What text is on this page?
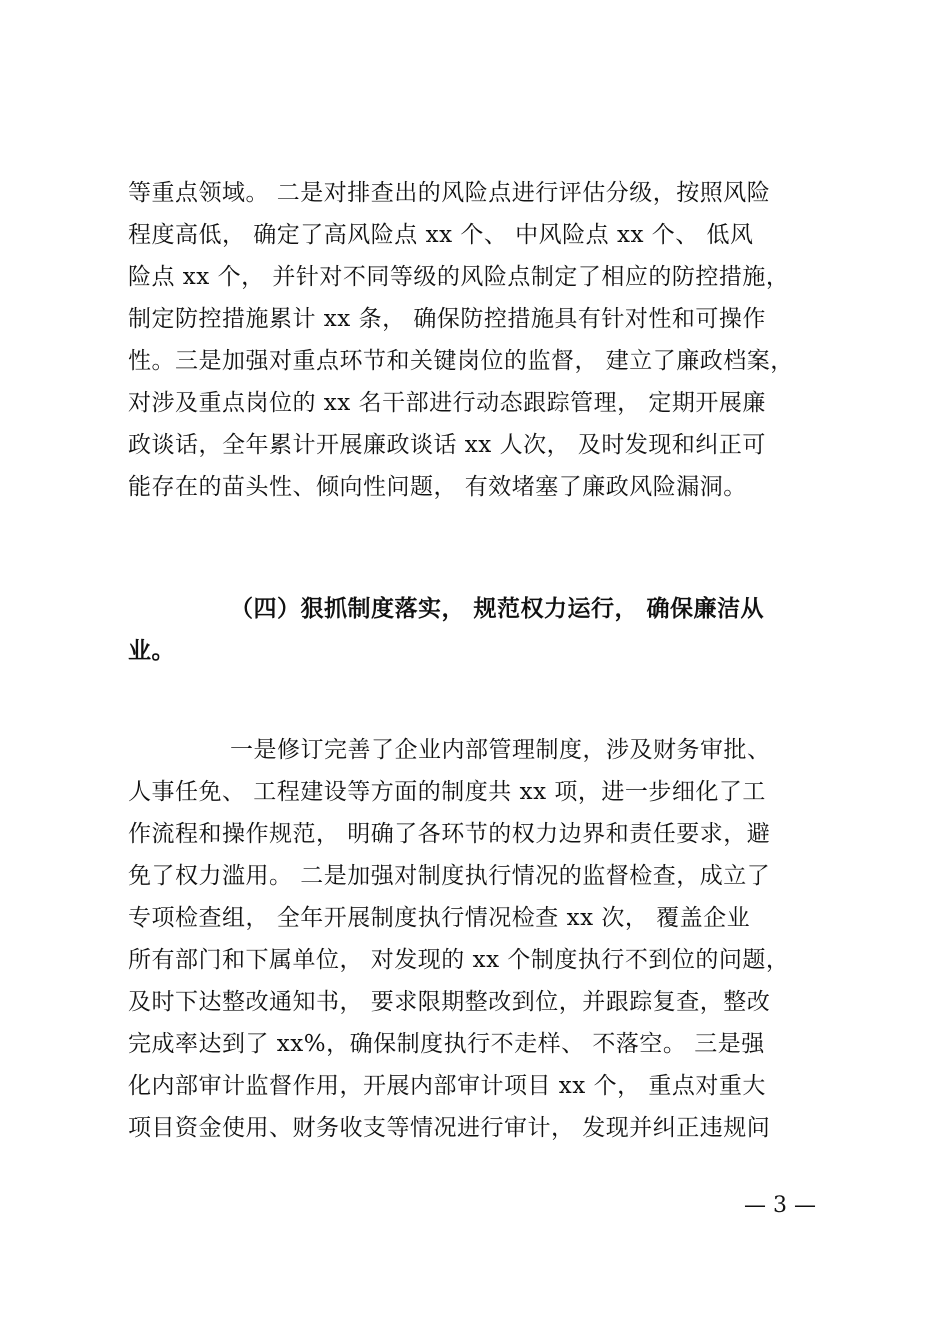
等重点领域。 二是对排查出的风险点进行评估分级，按照风险
程度高低， 确定了高风险点 xx 个、 中风险点 xx 个、 低风
险点 xx 个， 并针对不同等级的风险点制定了相应的防控措施，
制定防控措施累计 xx 条， 确保防控措施具有针对性和可操作
性。三是加强对重点环节和关键岗位的监督， 建立了廉政档案，
对涉及重点岗位的 xx 名干部进行动态跟踪管理， 定期开展廉
政谈话，全年累计开展廉政谈话 xx 人次， 及时发现和纠正可
能存在的苗头性、倾向性问题， 有效堵塞了廉政风险漏洞。
（四）狠抓制度落实， 规范权力运行， 确保廉洁从
业。
一是修订完善了企业内部管理制度，涉及财务审批、
人事任免、 工程建设等方面的制度共 xx 项，进一步细化了工
作流程和操作规范， 明确了各环节的权力边界和责任要求，避
免了权力滥用。 二是加强对制度执行情况的监督检查，成立了
专项检查组， 全年开展制度执行情况检查 xx 次， 覆盖企业
所有部门和下属单位， 对发现的 xx 个制度执行不到位的问题，
及时下达整改通知书， 要求限期整改到位，并跟踪复查，整改
完成率达到了 xx%，确保制度执行不走样、 不落空。 三是强
化内部审计监督作用，开展内部审计项目 xx 个， 重点对重大
项目资金使用、财务收支等情况进行审计， 发现并纠正违规问
— 3 —
